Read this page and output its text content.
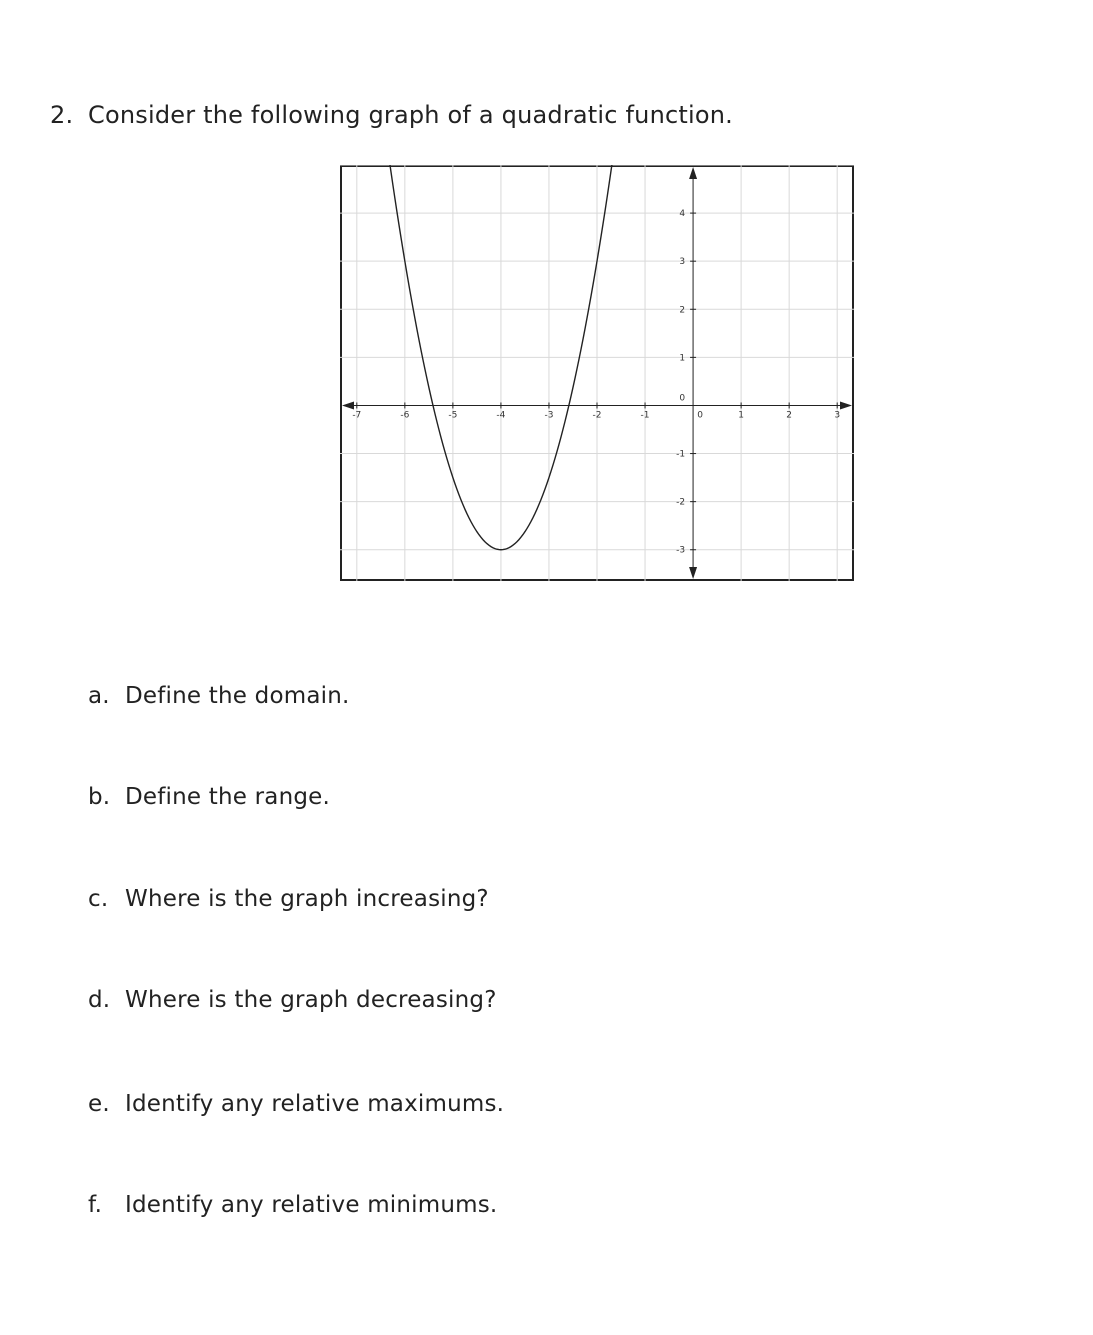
2. Consider the following graph of a quadratic function.
-7	-6	-5	-4	-3	-2	-1	0	1	2	3
-3
-2
-1
0
1
2
3
4
a. Define the domain.
b. Define the range.
c. Where is the graph increasing?
d. Where is the graph decreasing?
e. Identify any relative maximums.
f. Identify any relative minimums.
